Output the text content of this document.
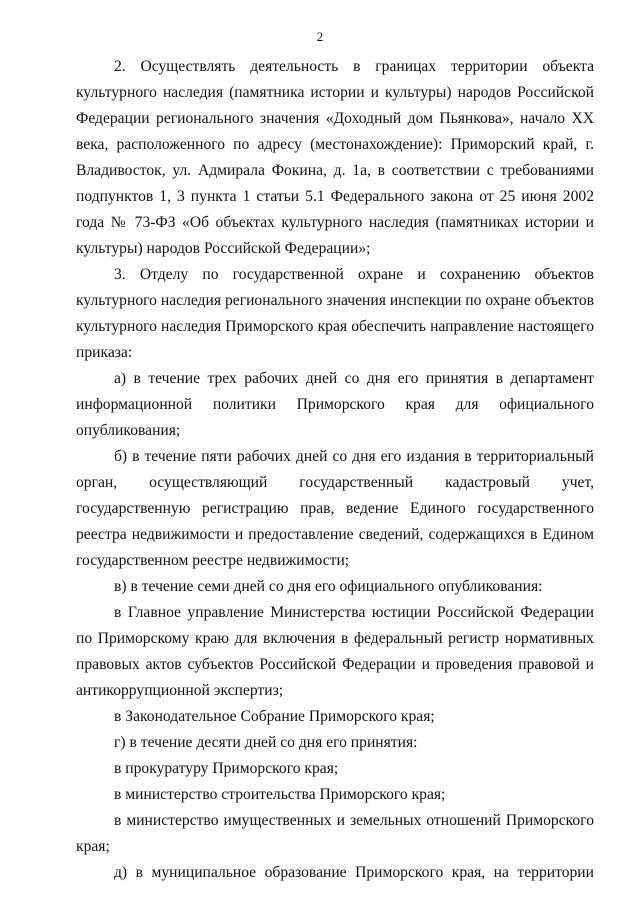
2

2. Осуществлять деятельность в границах территории объекта культурного наследия (памятника истории и культуры) народов Российской Федерации регионального значения «Доходный дом Пьянкова», начало XX века, расположенного по адресу (местонахождение): Приморский край, г. Владивосток, ул. Адмирала Фокина, д. 1а, в соответствии с требованиями подпунктов 1, 3 пункта 1 статьи 5.1 Федерального закона от 25 июня 2002 года № 73-ФЗ «Об объектах культурного наследия (памятниках истории и культуры) народов Российской Федерации»;

3. Отделу по государственной охране и сохранению объектов культурного наследия регионального значения инспекции по охране объектов культурного наследия Приморского края обеспечить направление настоящего приказа:

а) в течение трех рабочих дней со дня его принятия в департамент информационной политики Приморского края для официального опубликования;

б) в течение пяти рабочих дней со дня его издания в территориальный орган, осуществляющий государственный кадастровый учет, государственную регистрацию прав, ведение Единого государственного реестра недвижимости и предоставление сведений, содержащихся в Едином государственном реестре недвижимости;

в) в течение семи дней со дня его официального опубликования:

в Главное управление Министерства юстиции Российской Федерации по Приморскому краю для включения в федеральный регистр нормативных правовых актов субъектов Российской Федерации и проведения правовой и антикоррупционной экспертиз;

в Законодательное Собрание Приморского края;

г) в течение десяти дней со дня его принятия:

в прокуратуру Приморского края;

в министерство строительства Приморского края;

в министерство имущественных и земельных отношений Приморского края;

д) в муниципальное образование Приморского края, на территории
